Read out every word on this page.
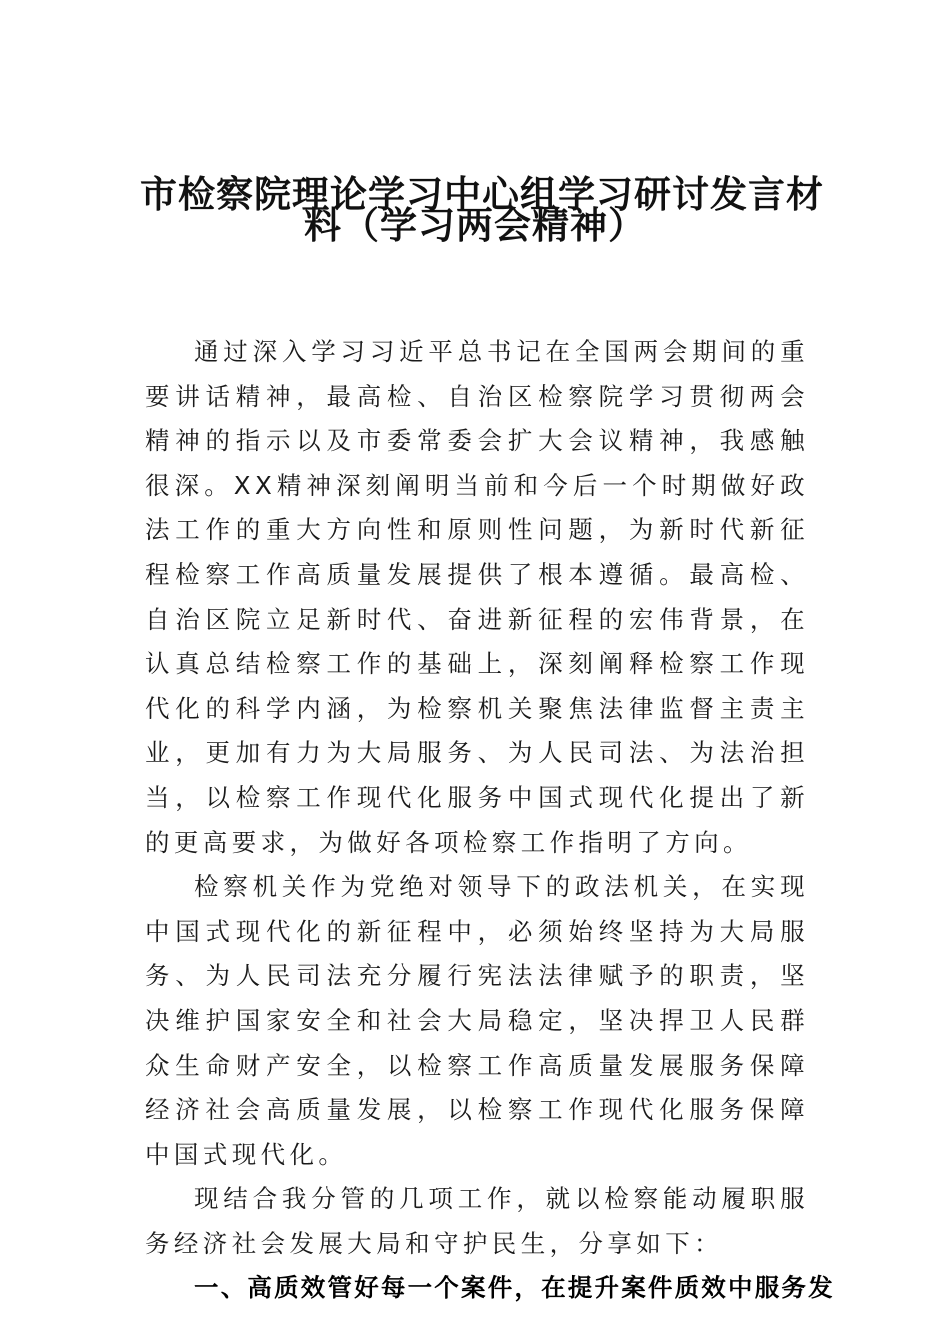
市检察院理论学习中心组学习研讨发言材
料（学习两会精神）

通过深入学习习近平总书记在全国两会期间的重要讲话精神，最高检、自治区检察院学习贯彻两会精神的指示以及市委常委会扩大会议精神，我感触很深。XX精神深刻阐明当前和今后一个时期做好政法工作的重大方向性和原则性问题，为新时代新征程检察工作高质量发展提供了根本遵循。最高检、自治区院立足新时代、奋进新征程的宏伟背景，在认真总结检察工作的基础上，深刻阐释检察工作现代化的科学内涵，为检察机关聚焦法律监督主责主业，更加有力为大局服务、为人民司法、为法治担当，以检察工作现代化服务中国式现代化提出了新的更高要求，为做好各项检察工作指明了方向。

检察机关作为党绝对领导下的政法机关，在实现中国式现代化的新征程中，必须始终坚持为大局服务、为人民司法充分履行宪法法律赋予的职责，坚决维护国家安全和社会大局稳定，坚决捍卫人民群众生命财产安全，以检察工作高质量发展服务保障经济社会高质量发展，以检察工作现代化服务保障中国式现代化。

现结合我分管的几项工作，就以检察能动履职服务经济社会发展大局和守护民生，分享如下：

一、高质效管好每一个案件，在提升案件质效中服务发
